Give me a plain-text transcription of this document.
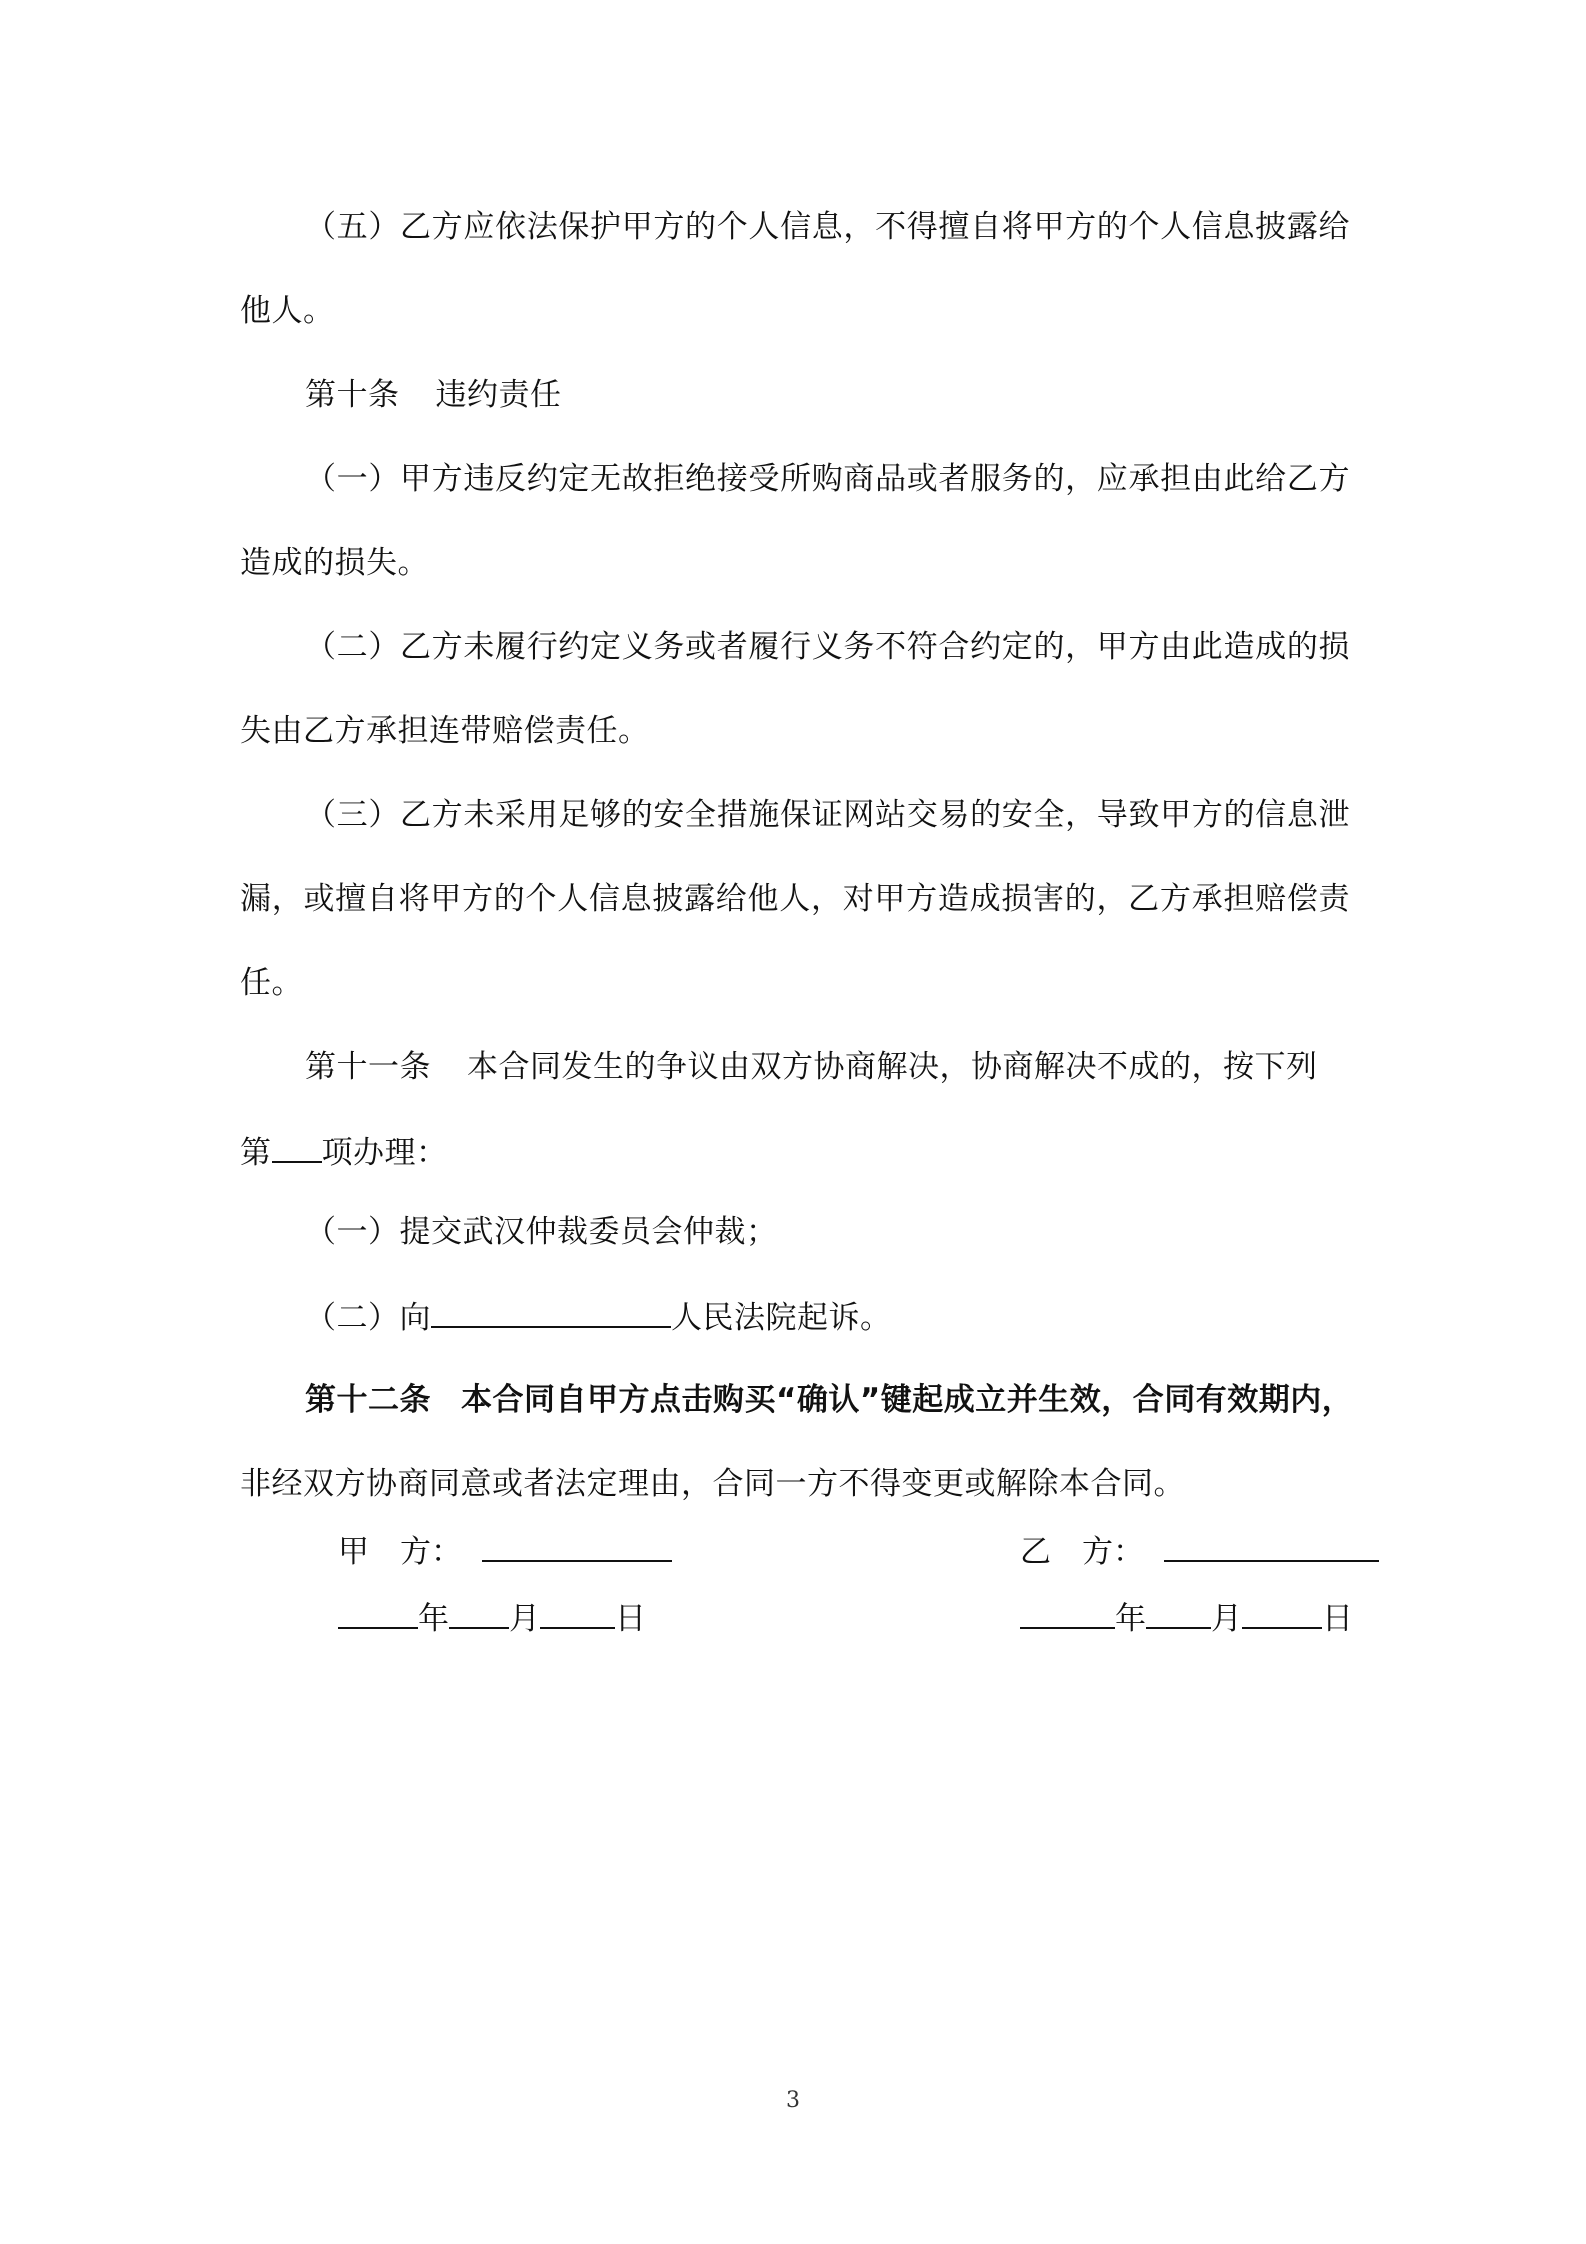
（五）乙方应依法保护甲方的个人信息，不得擅自将甲方的个人信息披露给
他人。
第十条 违约责任
（一）甲方违反约定无故拒绝接受所购商品或者服务的，应承担由此给乙方
造成的损失。
（二）乙方未履行约定义务或者履行义务不符合约定的，甲方由此造成的损
失由乙方承担连带赔偿责任。
（三）乙方未采用足够的安全措施保证网站交易的安全，导致甲方的信息泄
漏，或擅自将甲方的个人信息披露给他人，对甲方造成损害的，乙方承担赔偿责
任。
第十一条 本合同发生的争议由双方协商解决，协商解决不成的，按下列
第 项办理：
（一）提交武汉仲裁委员会仲裁；
（二）向	人民法院起诉。
第十二条 本合同自甲方点击购买“确认”键起成立并生效，合同有效期内，
非经双方协商同意或者法定理由，合同一方不得变更或解除本合同。
甲　方：	乙　方：
年 月 日	年 月	日
3
